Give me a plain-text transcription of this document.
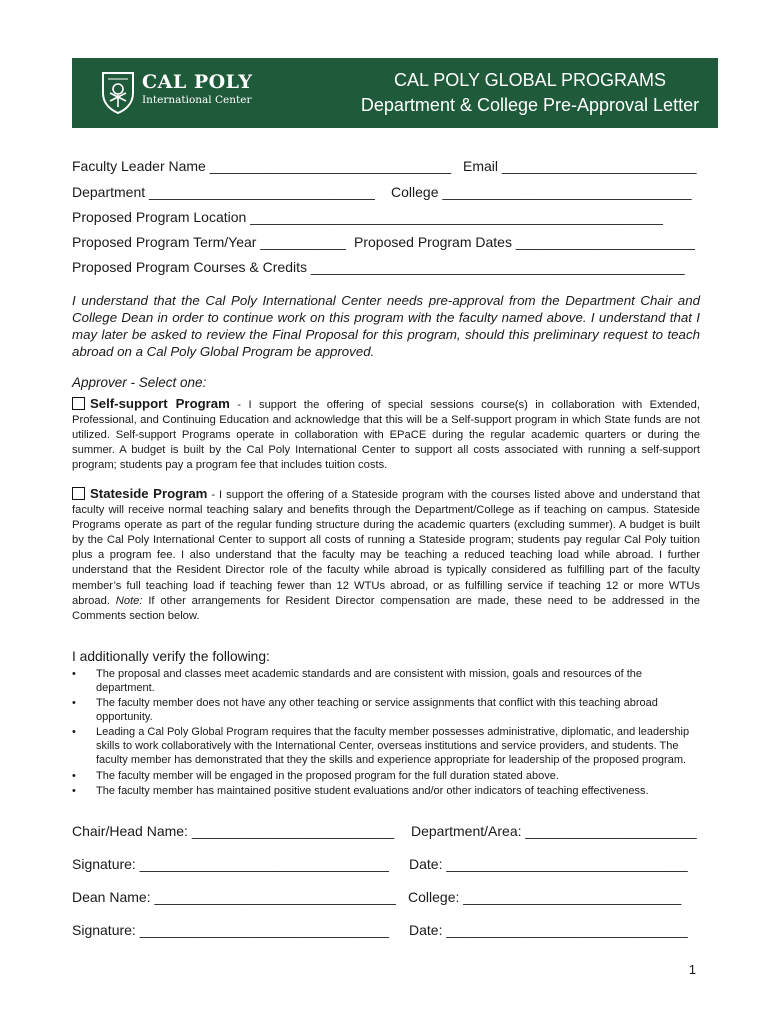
CAL POLY
International Center
CAL POLY GLOBAL PROGRAMS
Department & College Pre-Approval Letter
Faculty Leader Name _______________________________ Email _________________________
Department _____________________________ College ________________________________
Proposed Program Location _____________________________________________________
Proposed Program Term/Year ___________ Proposed Program Dates _______________________
Proposed Program Courses & Credits ________________________________________________
I understand that the Cal Poly International Center needs pre-approval from the Department Chair and College Dean in order to continue work on this program with the faculty named above. I understand that I may later be asked to review the Final Proposal for this program, should this preliminary request to teach abroad on a Cal Poly Global Program be approved.
Approver - Select one:
Self-support Program - I support the offering of special sessions course(s) in collaboration with Extended, Professional, and Continuing Education and acknowledge that this will be a Self-support program in which State funds are not utilized. Self-support Programs operate in collaboration with EPaCE during the regular academic quarters or during the summer. A budget is built by the Cal Poly International Center to support all costs associated with running a self-support program; students pay a program fee that includes tuition costs.
Stateside Program - I support the offering of a Stateside program with the courses listed above and understand that faculty will receive normal teaching salary and benefits through the Department/College as if teaching on campus. Stateside Programs operate as part of the regular funding structure during the academic quarters (excluding summer). A budget is built by the Cal Poly International Center to support all costs of running a Stateside program; students pay regular Cal Poly tuition plus a program fee. I also understand that the faculty may be teaching a reduced teaching load while abroad. I further understand that the Resident Director role of the faculty while abroad is typically considered as fulfilling part of the faculty member’s full teaching load if teaching fewer than 12 WTUs abroad, or as fulfilling service if teaching 12 or more WTUs abroad. Note: If other arrangements for Resident Director compensation are made, these need to be addressed in the Comments section below.
I additionally verify the following:
• The proposal and classes meet academic standards and are consistent with mission, goals and resources of the department.
• The faculty member does not have any other teaching or service assignments that conflict with this teaching abroad opportunity.
• Leading a Cal Poly Global Program requires that the faculty member possesses administrative, diplomatic, and leadership skills to work collaboratively with the International Center, overseas institutions and service providers, and students. The faculty member has demonstrated that they the skills and experience appropriate for leadership of the proposed program.
• The faculty member will be engaged in the proposed program for the full duration stated above.
• The faculty member has maintained positive student evaluations and/or other indicators of teaching effectiveness.
Chair/Head Name: __________________________ Department/Area: ______________________
Signature: ________________________________ Date: _______________________________
Dean Name: _______________________________ College: ____________________________
Signature: ________________________________ Date: _______________________________
1
